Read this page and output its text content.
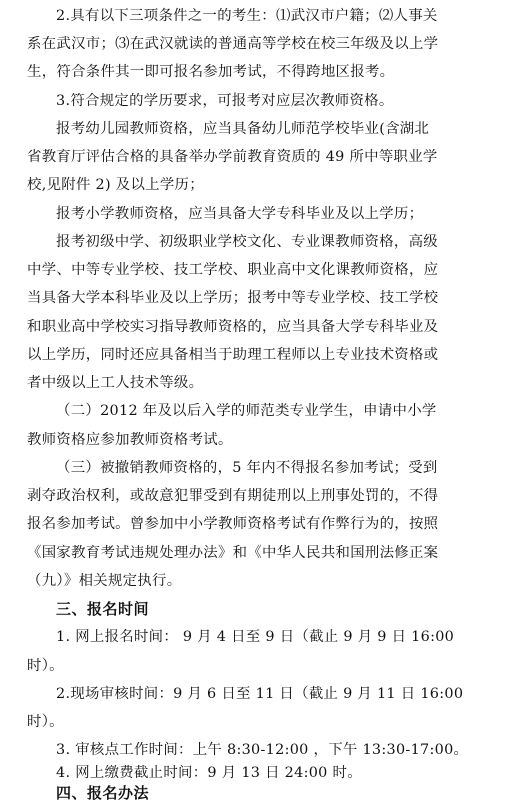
2.具有以下三项条件之一的考生：⑴武汉市户籍；⑵人事关
系在武汉市；⑶在武汉就读的普通高等学校在校三年级及以上学
生，符合条件其一即可报名参加考试，不得跨地区报考。
3.符合规定的学历要求，可报考对应层次教师资格。
报考幼儿园教师资格，应当具备幼儿师范学校毕业(含湖北
省教育厅评估合格的具备举办学前教育资质的 49 所中等职业学
校,见附件 2) 及以上学历；
报考小学教师资格，应当具备大学专科毕业及以上学历；
报考初级中学、初级职业学校文化、专业课教师资格，高级
中学、中等专业学校、技工学校、职业高中文化课教师资格，应
当具备大学本科毕业及以上学历；报考中等专业学校、技工学校
和职业高中学校实习指导教师资格的，应当具备大学专科毕业及
以上学历，同时还应具备相当于助理工程师以上专业技术资格或
者中级以上工人技术等级。
（二）2012 年及以后入学的师范类专业学生，申请中小学
教师资格应参加教师资格考试。
（三）被撤销教师资格的，5 年内不得报名参加考试；受到
剥夺政治权利，或故意犯罪受到有期徒刑以上刑事处罚的，不得
报名参加考试。曾参加中小学教师资格考试有作弊行为的，按照
《国家教育考试违规处理办法》和《中华人民共和国刑法修正案
（九）》相关规定执行。
三、报名时间
1. 网上报名时间： 9 月 4 日至 9 日（截止 9 月 9 日 16:00
时）。
2.现场审核时间：9 月 6 日至 11 日（截止 9 月 11 日 16:00
时）。
3. 审核点工作时间：上午 8:30-12:00 ，下午 13:30-17:00。
4. 网上缴费截止时间：9 月 13 日 24:00 时。
四、报名办法
